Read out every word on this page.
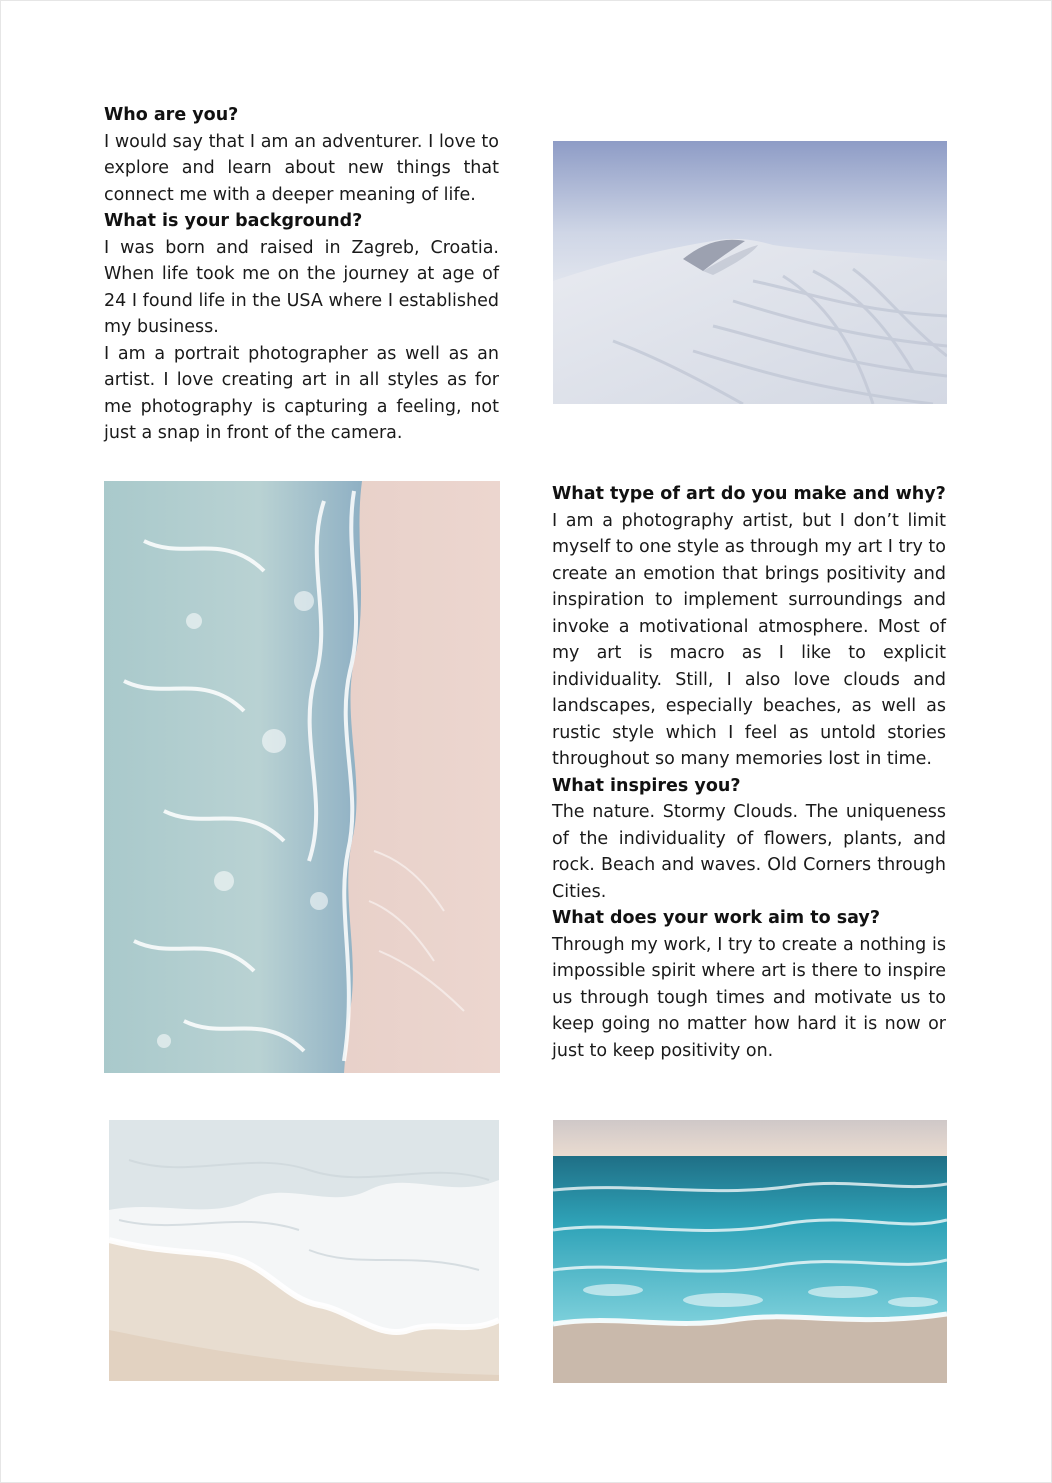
Who are you?

I would say that I am an adventurer. I love to explore and learn about new things that connect me with a deeper meaning of life.

What is your background?

I was born and raised in Zagreb, Croatia. When life took me on the journey at age of 24 I found life in the USA where I established my business.

I am a portrait photographer as well as an artist. I love creating art in all styles as for me photography is capturing a feeling, not just a snap in front of the camera.

What type of art do you make and why?

I am a photography artist, but I don’t limit myself to one style as through my art I try to create an emotion that brings positivity and inspiration to implement surroundings and invoke a motivational atmosphere. Most of my art is macro as I like to explicit individuality. Still, I also love clouds and landscapes, especially beaches, as well as rustic style which I feel as untold stories throughout so many memories lost in time.

What inspires you?

The nature. Stormy Clouds. The uniqueness of the individuality of flowers, plants, and rock. Beach and waves. Old Corners through Cities.

What does your work aim to say?

Through my work, I try to create a nothing is impossible spirit where art is there to inspire us through tough times and motivate us to keep going no matter how hard it is now or just to keep positivity on.
